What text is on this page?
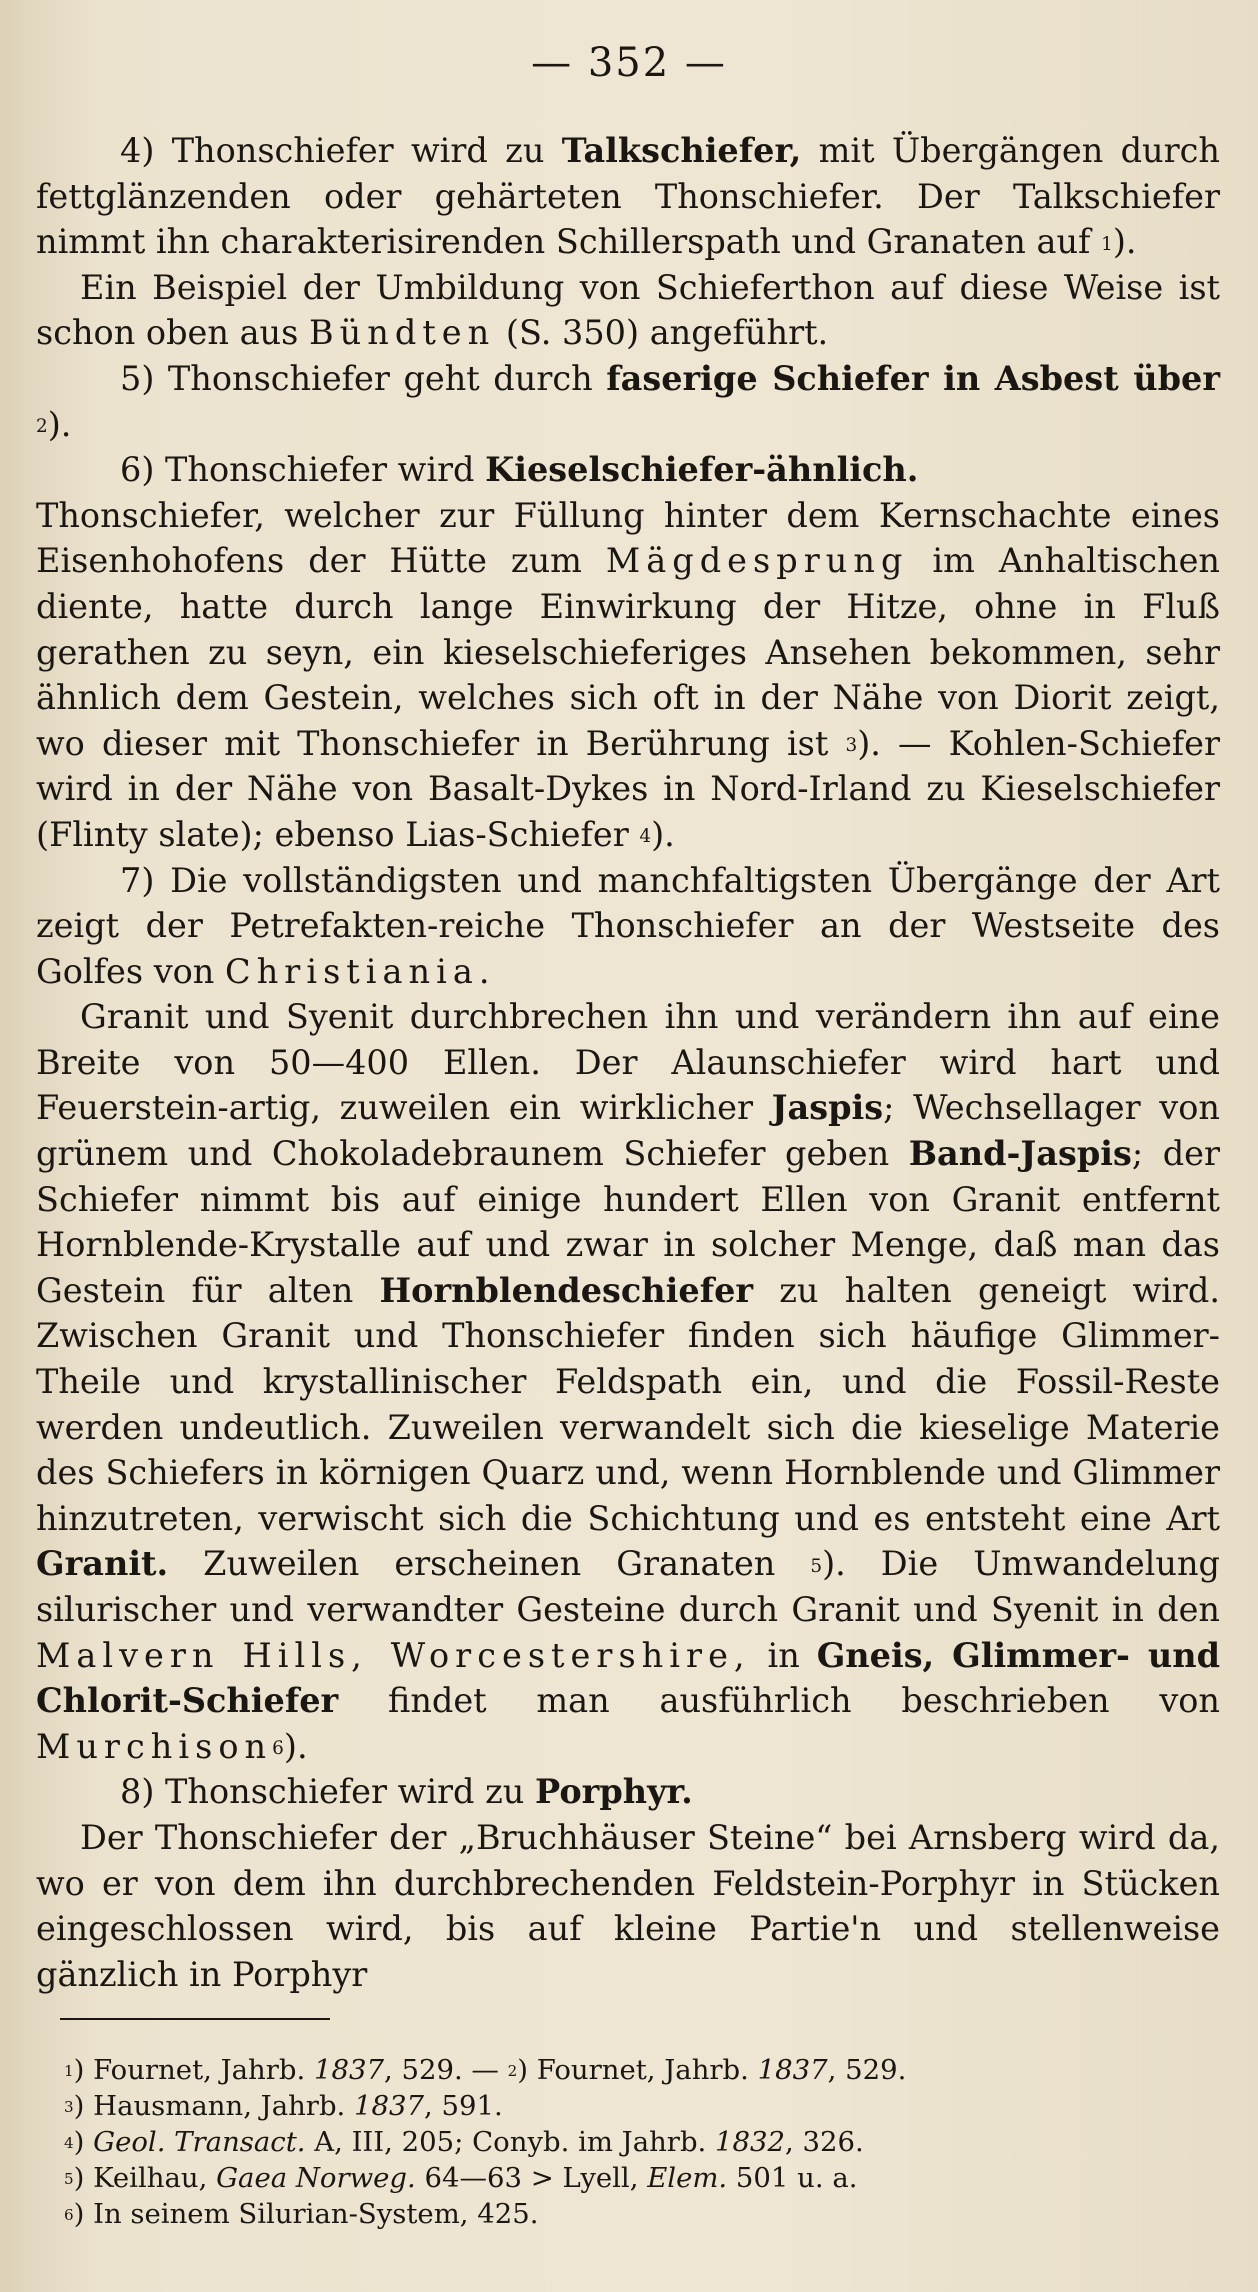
— 352 —

4) Thonschiefer wird zu Talkschiefer, mit Übergängen durch fettglänzenden oder gehärteten Thonschiefer. Der Talkschiefer nimmt ihn charakterisirenden Schillerspath und Granaten auf $^1$).

Ein Beispiel der Umbildung von Schieferthon auf diese Weise ist schon oben aus Bündten (S. 350) angeführt.

5) Thonschiefer geht durch faserige Schiefer in Asbest über $^2$).

6) Thonschiefer wird Kieselschiefer-ähnlich.

Thonschiefer, welcher zur Füllung hinter dem Kernschachte eines Eisenhohofens der Hütte zum Mägdesprung im Anhaltischen diente, hatte durch lange Einwirkung der Hitze, ohne in Fluß gerathen zu seyn, ein kieselschieferiges Ansehen bekommen, sehr ähnlich dem Gestein, welches sich oft in der Nähe von Diorit zeigt, wo dieser mit Thonschiefer in Berührung ist $^3$). — Kohlen-Schiefer wird in der Nähe von Basalt-Dykes in Nord-Irland zu Kieselschiefer (Flinty slate); ebenso Lias-Schiefer $^4$).

7) Die vollständigsten und manchfaltigsten Übergänge der Art zeigt der Petrefakten-reiche Thonschiefer an der Westseite des Golfes von Christiania.

Granit und Syenit durchbrechen ihn und verändern ihn auf eine Breite von 50—400 Ellen. Der Alaunschiefer wird hart und Feuerstein-artig, zuweilen ein wirklicher Jaspis; Wechsellager von grünem und Chokoladebraunem Schiefer geben Band-Jaspis; der Schiefer nimmt bis auf einige hundert Ellen von Granit entfernt Hornblende-Krystalle auf und zwar in solcher Menge, daß man das Gestein für alten Hornblendeschiefer zu halten geneigt wird. Zwischen Granit und Thonschiefer finden sich häufige Glimmer-Theile und krystallinischer Feldspath ein, und die Fossil-Reste werden undeutlich. Zuweilen verwandelt sich die kieselige Materie des Schiefers in körnigen Quarz und, wenn Hornblende und Glimmer hinzutreten, verwischt sich die Schichtung und es entsteht eine Art Granit. Zuweilen erscheinen Granaten $^5$). Die Umwandelung silurischer und verwandter Gesteine durch Granit und Syenit in den Malvern Hills, Worcestershire, in Gneis, Glimmer- und Chlorit-Schiefer findet man ausführlich beschrieben von Murchison$^6$).

8) Thonschiefer wird zu Porphyr.

Der Thonschiefer der „Bruchhäuser Steine“ bei Arnsberg wird da, wo er von dem ihn durchbrechenden Feldstein-Porphyr in Stücken eingeschlossen wird, bis auf kleine Partie'n und stellenweise gänzlich in Porphyr

$^1$) Fournet, Jahrb. 1837, 529. — $^2$) Fournet, Jahrb. 1837, 529.

$^3$) Hausmann, Jahrb. 1837, 591.

$^4$) Geol. Transact. A, III, 205; Conyb. im Jahrb. 1832, 326.

$^5$) Keilhau, Gaea Norweg. 64—63 > Lyell, Elem. 501 u. a.

$^6$) In seinem Silurian-System, 425.
